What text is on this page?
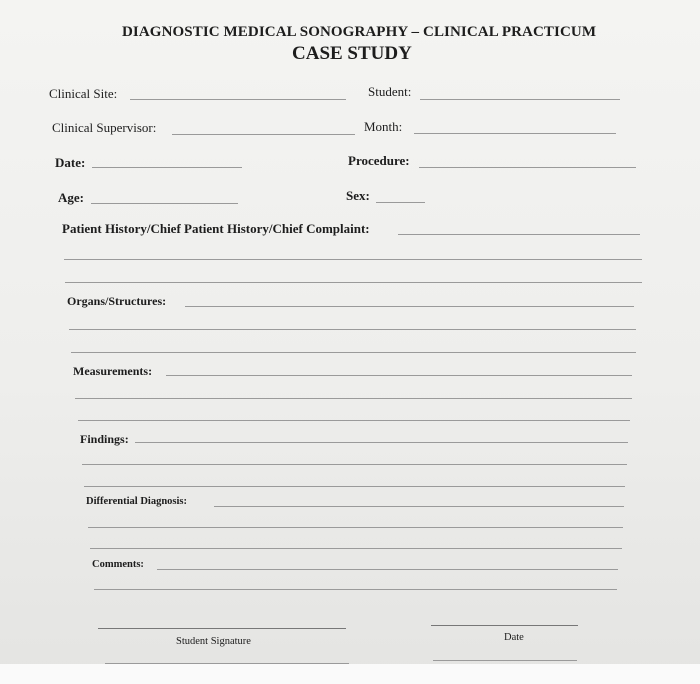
DIAGNOSTIC MEDICAL SONOGRAPHY – CLINICAL PRACTICUM
CASE STUDY
Clinical Site:	Student:
Clinical Supervisor:	Month:
Date:	Procedure:
Age:	Sex:
Patient History/Chief Patient History/Chief Complaint:
Organs/Structures:
Measurements:
Findings:
Differential Diagnosis:
Comments:
Student Signature	Date
